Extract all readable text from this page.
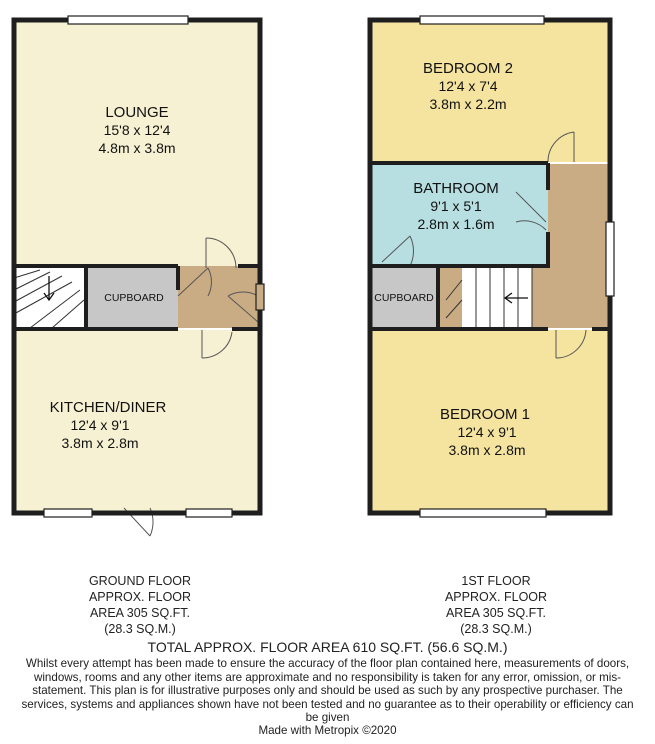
LOUNGE
15'8 x 12'4
4.8m x 3.8m
CUPBOARD
KITCHEN/DINER
12'4 x 9'1
3.8m x 2.8m
BEDROOM 2
12'4 x 7'4
3.8m x 2.2m
BATHROOM
9'1 x 5'1
2.8m x 1.6m
CUPBOARD
BEDROOM 1
12'4 x 9'1
3.8m x 2.8m
GROUND FLOOR
APPROX. FLOOR
AREA 305 SQ.FT.
(28.3 SQ.M.)
1ST FLOOR
APPROX. FLOOR
AREA 305 SQ.FT.
(28.3 SQ.M.)
TOTAL APPROX. FLOOR AREA 610 SQ.FT. (56.6 SQ.M.)
Whilst every attempt has been made to ensure the accuracy of the floor plan contained here, measurements of doors, windows, rooms and any other items are approximate and no responsibility is taken for any error, omission, or mis-statement. This plan is for illustrative purposes only and should be used as such by any prospective purchaser. The services, systems and appliances shown have not been tested and no guarantee as to their operability or efficiency can be given
Made with Metropix ©2020
